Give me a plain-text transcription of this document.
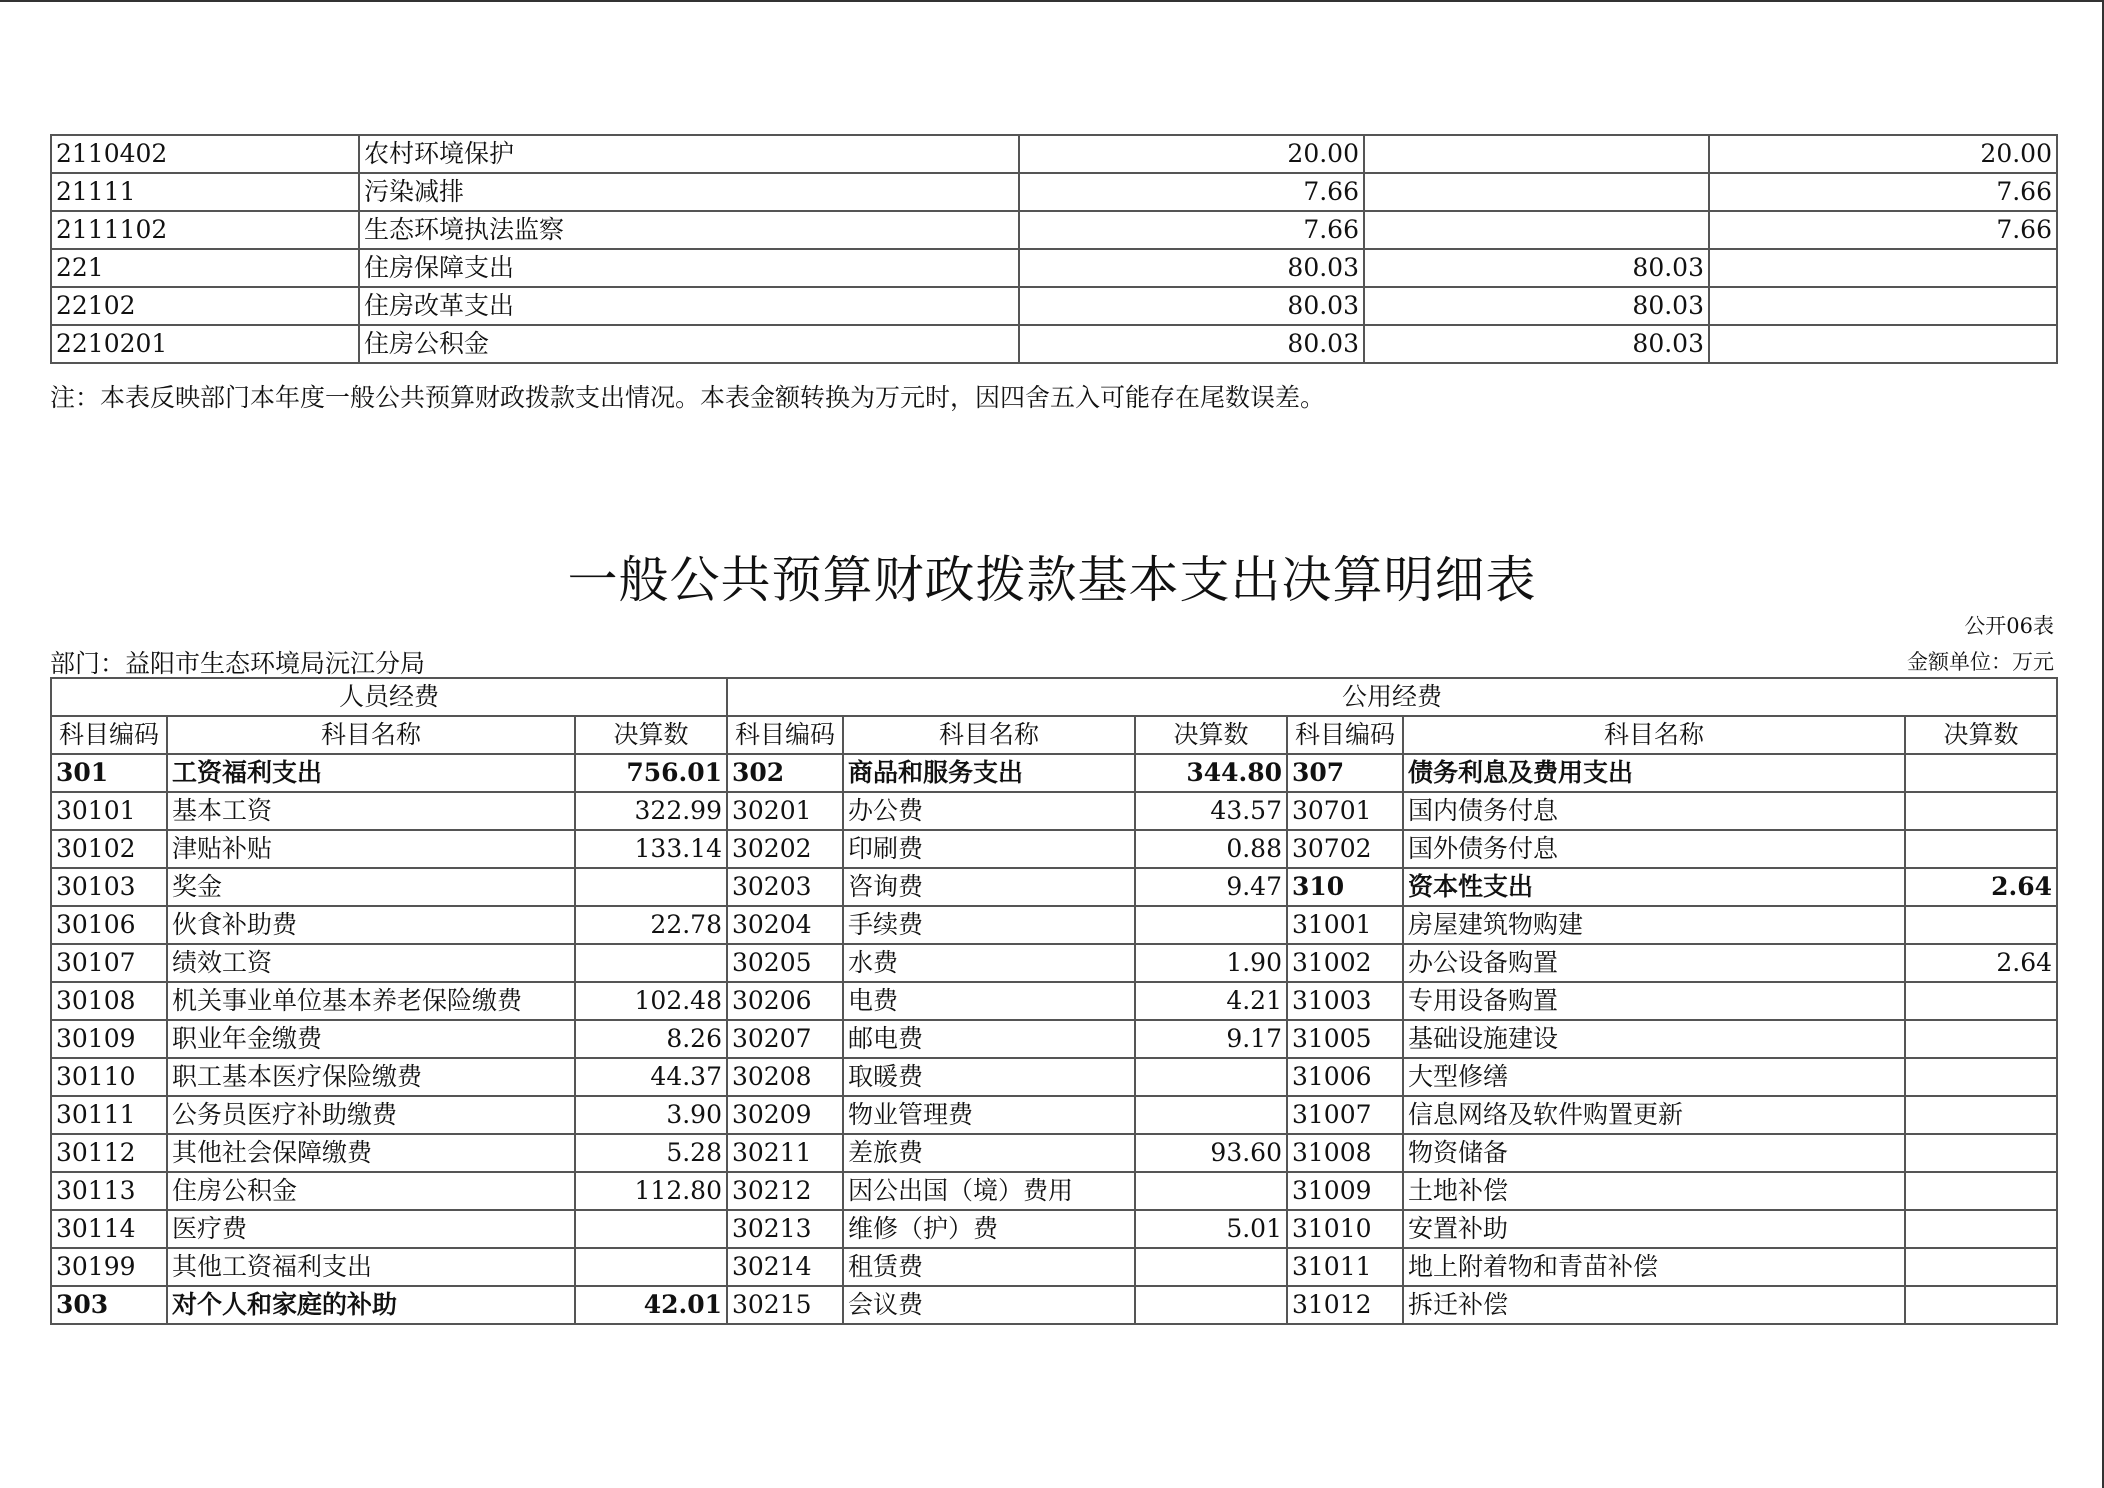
2110402	农村环境保护	20.00		20.00
21111	污染减排	7.66		7.66
2111102	生态环境执法监察	7.66		7.66
221	住房保障支出	80.03	80.03	
22102	住房改革支出	80.03	80.03	
2210201	住房公积金	80.03	80.03	
注：本表反映部门本年度一般公共预算财政拨款支出情况。本表金额转换为万元时，因四舍五入可能存在尾数误差。
一般公共预算财政拨款基本支出决算明细表
公开06表
部门：益阳市生态环境局沅江分局	金额单位：万元
人员经费			公用经费					
科目编码	科目名称	决算数	科目编码	科目名称	决算数	科目编码	科目名称	决算数
301	工资福利支出	756.01	302	商品和服务支出	344.80	307	债务利息及费用支出	
30101	基本工资	322.99	30201	办公费	43.57	30701	国内债务付息	
30102	津贴补贴	133.14	30202	印刷费	0.88	30702	国外债务付息	
30103	奖金		30203	咨询费	9.47	310	资本性支出	2.64
30106	伙食补助费	22.78	30204	手续费		31001	房屋建筑物购建	
30107	绩效工资		30205	水费	1.90	31002	办公设备购置	2.64
30108	机关事业单位基本养老保险缴费	102.48	30206	电费	4.21	31003	专用设备购置	
30109	职业年金缴费	8.26	30207	邮电费	9.17	31005	基础设施建设	
30110	职工基本医疗保险缴费	44.37	30208	取暖费		31006	大型修缮	
30111	公务员医疗补助缴费	3.90	30209	物业管理费		31007	信息网络及软件购置更新	
30112	其他社会保障缴费	5.28	30211	差旅费	93.60	31008	物资储备	
30113	住房公积金	112.80	30212	因公出国（境）费用		31009	土地补偿	
30114	医疗费		30213	维修（护）费	5.01	31010	安置补助	
30199	其他工资福利支出		30214	租赁费		31011	地上附着物和青苗补偿	
303	对个人和家庭的补助	42.01	30215	会议费		31012	拆迁补偿	
